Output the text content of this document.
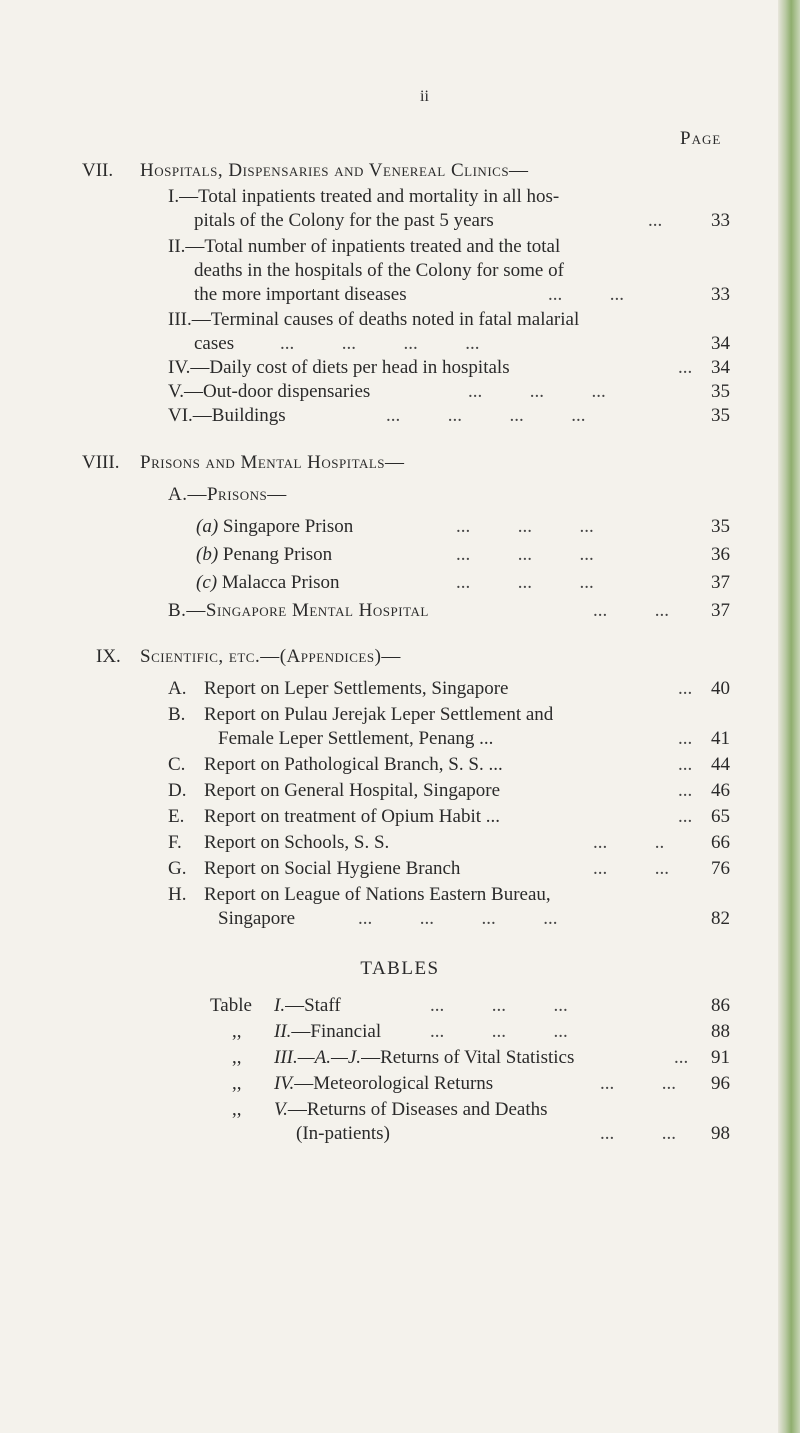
ii
Page
VII. Hospitals, Dispensaries and Venereal Clinics—
I.—Total inpatients treated and mortality in all hos-
pitals of the Colony for the past 5 years	...	33
II.—Total number of inpatients treated and the total
deaths in the hospitals of the Colony for some of
the more important diseases	...          ...	33
III.—Terminal causes of deaths noted in fatal malarial
cases ...          ...          ...          ...	34
IV.—Daily cost of diets per head in hospitals	... 34
V.—Out-door dispensaries	...          ...          ...	35
VI.—Buildings	...          ...          ...          ...	35
VIII. Prisons and Mental Hospitals—
A.—Prisons—
(a) Singapore Prison	...          ...          ...	35
(b) Penang Prison	...          ...          ...	36
(c) Malacca Prison	...          ...          ...	37
B.—Singapore Mental Hospital	...          ...	37
IX. Scientific, etc.—(Appendices)—
A. Report on Leper Settlements, Singapore	... 40
B. Report on Pulau Jerejak Leper Settlement and
Female Leper Settlement, Penang ...	... 41
C. Report on Pathological Branch, S. S. ...	... 44
D. Report on General Hospital, Singapore	... 46
E. Report on treatment of Opium Habit ...	... 65
F. Report on Schools, S. S.	...          ..	66
G. Report on Social Hygiene Branch	...          ...	76
H. Report on League of Nations Eastern Bureau,
Singapore	...          ...          ...          ...	82
TABLES
Table I.—Staff	...          ...          ...	86
,, II.—Financial	...          ...          ...	88
,, III.—A.—J.—Returns of Vital Statistics	...	91
,, IV.—Meteorological Returns	...          ...	96
,, V.—Returns of Diseases and Deaths
(In-patients)	...          ...	98
